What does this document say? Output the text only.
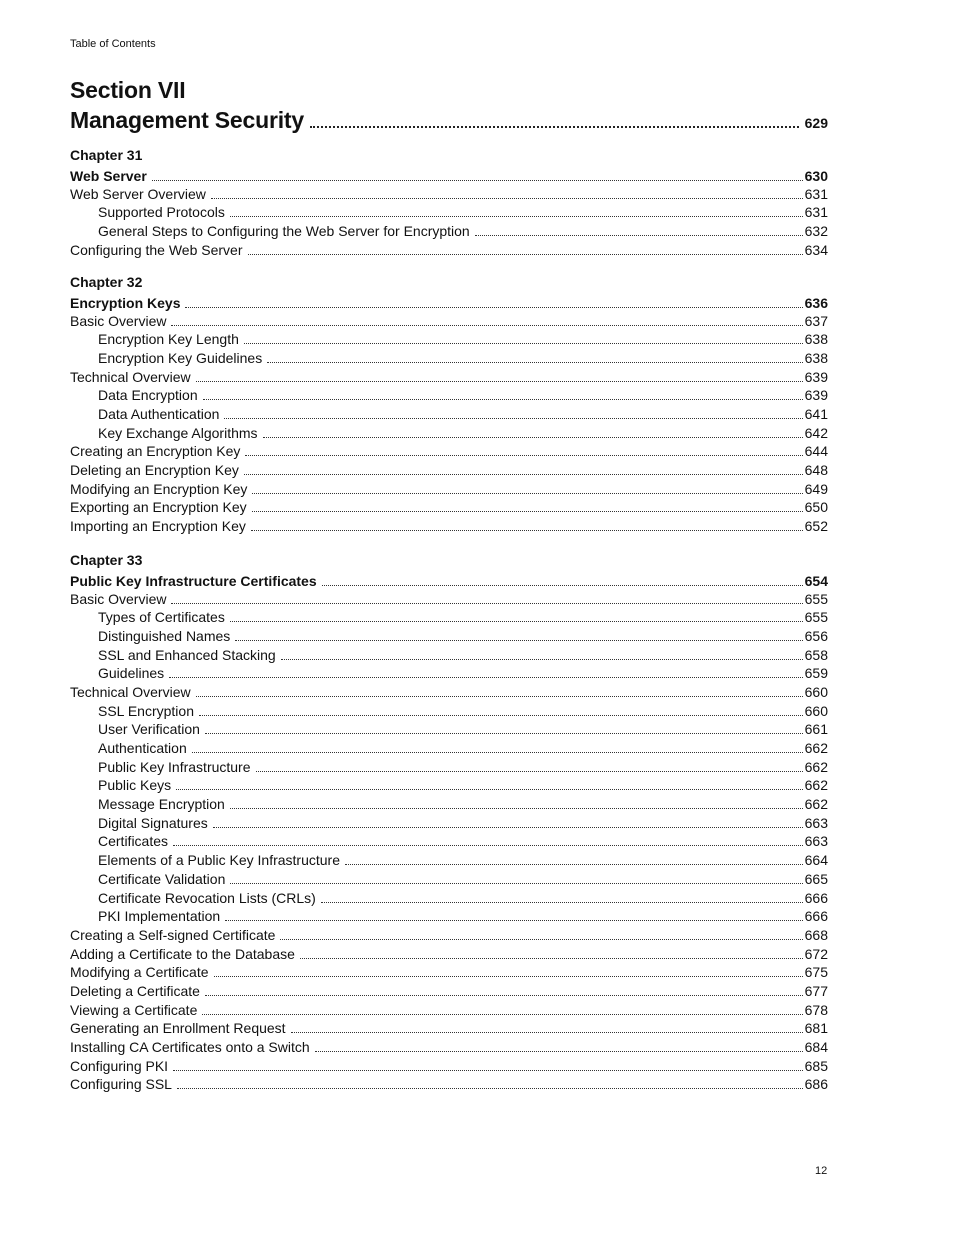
Table of Contents
Section VII
Management Security	629
Chapter 31
Web Server	630
Web Server Overview	631
Supported Protocols	631
General Steps to Configuring the Web Server for Encryption	632
Configuring the Web Server	634
Chapter 32
Encryption Keys	636
Basic Overview	637
Encryption Key Length	638
Encryption Key Guidelines	638
Technical Overview	639
Data Encryption	639
Data Authentication	641
Key Exchange Algorithms	642
Creating an Encryption Key	644
Deleting an Encryption Key	648
Modifying an Encryption Key	649
Exporting an Encryption Key	650
Importing an Encryption Key	652
Chapter 33
Public Key Infrastructure Certificates	654
Basic Overview	655
Types of Certificates	655
Distinguished Names	656
SSL and Enhanced Stacking	658
Guidelines	659
Technical Overview	660
SSL Encryption	660
User Verification	661
Authentication	662
Public Key Infrastructure	662
Public Keys	662
Message Encryption	662
Digital Signatures	663
Certificates	663
Elements of a Public Key Infrastructure	664
Certificate Validation	665
Certificate Revocation Lists (CRLs)	666
PKI Implementation	666
Creating a Self-signed Certificate	668
Adding a Certificate to the Database	672
Modifying a Certificate	675
Deleting a Certificate	677
Viewing a Certificate	678
Generating an Enrollment Request	681
Installing CA Certificates onto a Switch	684
Configuring PKI	685
Configuring SSL	686
12
